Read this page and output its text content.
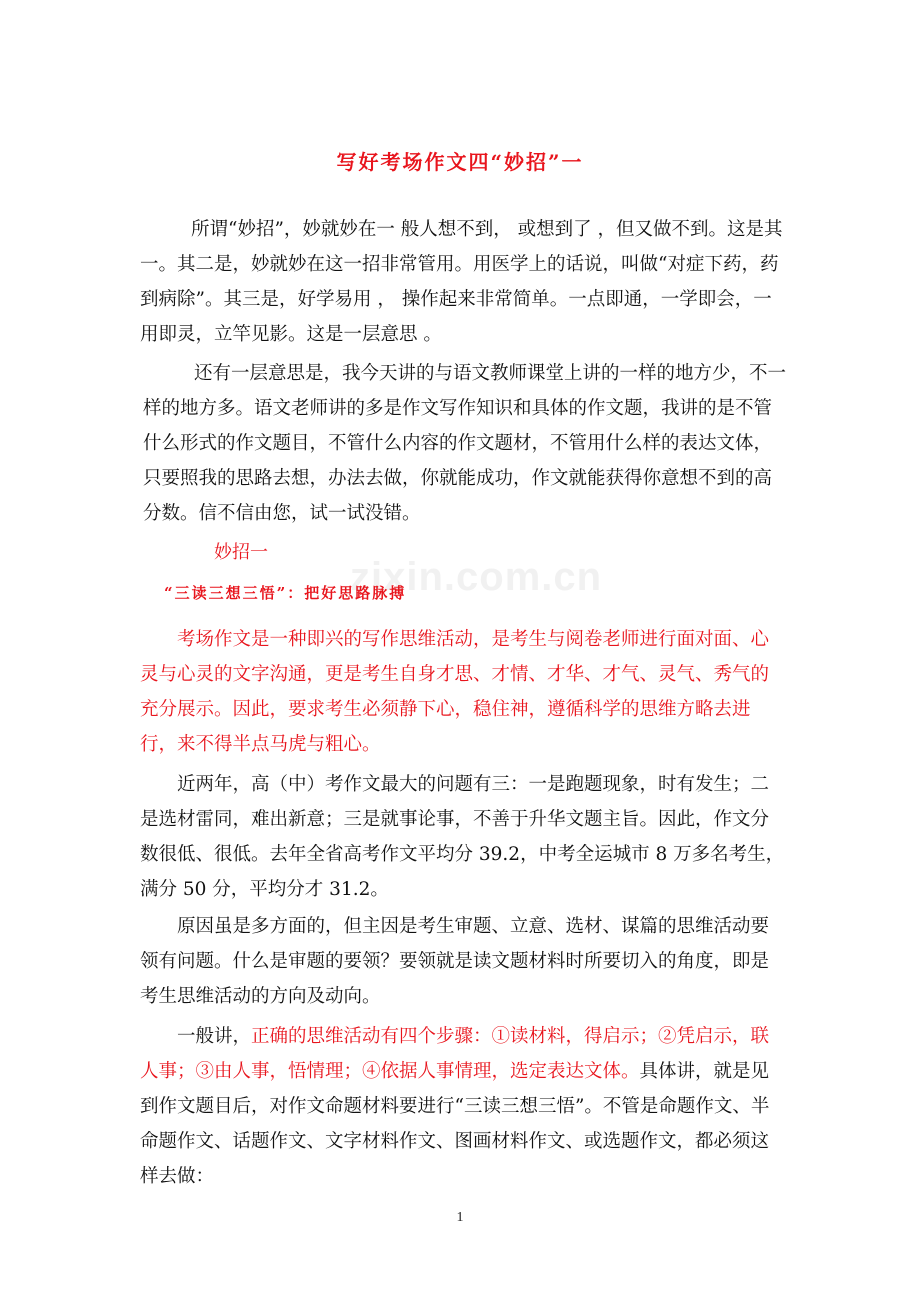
zixin.com.cn
写好考场作文四“妙招”一

所谓“妙招”，妙就妙在一 般人想不到， 或想到了 ，但又做不到。这是其一。其二是，妙就妙在这一招非常管用。用医学上的话说，叫做“对症下药，药到病除”。其三是，好学易用 ， 操作起来非常简单。一点即通，一学即会，一用即灵，立竿见影。这是一层意思 。

还有一层意思是，我今天讲的与语文教师课堂上讲的一样的地方少，不一样的地方多。语文老师讲的多是作文写作知识和具体的作文题，我讲的是不管什么形式的作文题目，不管什么内容的作文题材，不管用什么样的表达文体，只要照我的思路去想，办法去做，你就能成功，作文就能获得你意想不到的高分数。信不信由您，试一试没错。

妙招一
“三读三想三悟”：把好思路脉搏

考场作文是一种即兴的写作思维活动，是考生与阅卷老师进行面对面、心灵与心灵的文字沟通，更是考生自身才思、才情、才华、才气、灵气、秀气的充分展示。因此，要求考生必须静下心，稳住神，遵循科学的思维方略去进行，来不得半点马虎与粗心。

近两年，高（中）考作文最大的问题有三：一是跑题现象，时有发生；二是选材雷同，难出新意；三是就事论事，不善于升华文题主旨。因此，作文分数很低、很低。去年全省高考作文平均分 39.2，中考全运城市 8 万多名考生，满分 50 分，平均分才 31.2。

原因虽是多方面的，但主因是考生审题、立意、选材、谋篇的思维活动要领有问题。什么是审题的要领？要领就是读文题材料时所要切入的角度，即是考生思维活动的方向及动向。

一般讲，正确的思维活动有四个步骤：①读材料，得启示；②凭启示，联人事；③由人事，悟情理；④依据人事情理，选定表达文体。具体讲，就是见到作文题目后，对作文命题材料要进行“三读三想三悟”。不管是命题作文、半命题作文、话题作文、文字材料作文、图画材料作文、或选题作文，都必须这样去做：

1
